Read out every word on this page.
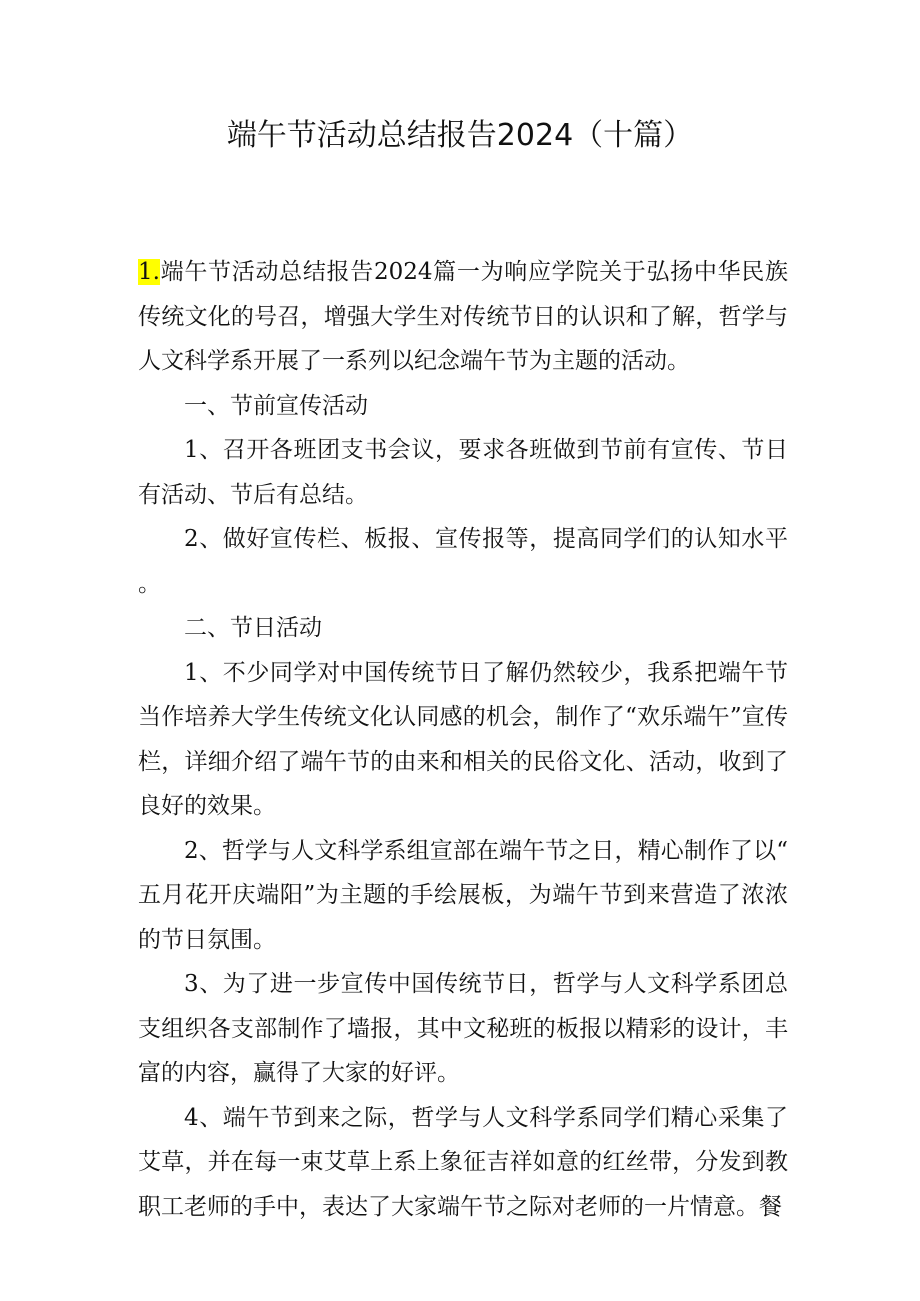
端午节活动总结报告2024（十篇）

1.端午节活动总结报告2024篇一为响应学院关于弘扬中华民族传统文化的号召，增强大学生对传统节日的认识和了解，哲学与人文科学系开展了一系列以纪念端午节为主题的活动。

一、节前宣传活动

1、召开各班团支书会议，要求各班做到节前有宣传、节日有活动、节后有总结。

2、做好宣传栏、板报、宣传报等，提高同学们的认知水平。

二、节日活动

1、不少同学对中国传统节日了解仍然较少，我系把端午节当作培养大学生传统文化认同感的机会，制作了“欢乐端午”宣传栏，详细介绍了端午节的由来和相关的民俗文化、活动，收到了良好的效果。

2、哲学与人文科学系组宣部在端午节之日，精心制作了以“五月花开庆端阳”为主题的手绘展板，为端午节到来营造了浓浓的节日氛围。

3、为了进一步宣传中国传统节日，哲学与人文科学系团总支组织各支部制作了墙报，其中文秘班的板报以精彩的设计，丰富的内容，赢得了大家的好评。

4、端午节到来之际，哲学与人文科学系同学们精心采集了艾草，并在每一束艾草上系上象征吉祥如意的红丝带，分发到教职工老师的手中，表达了大家端午节之际对老师的一片情意。餐
